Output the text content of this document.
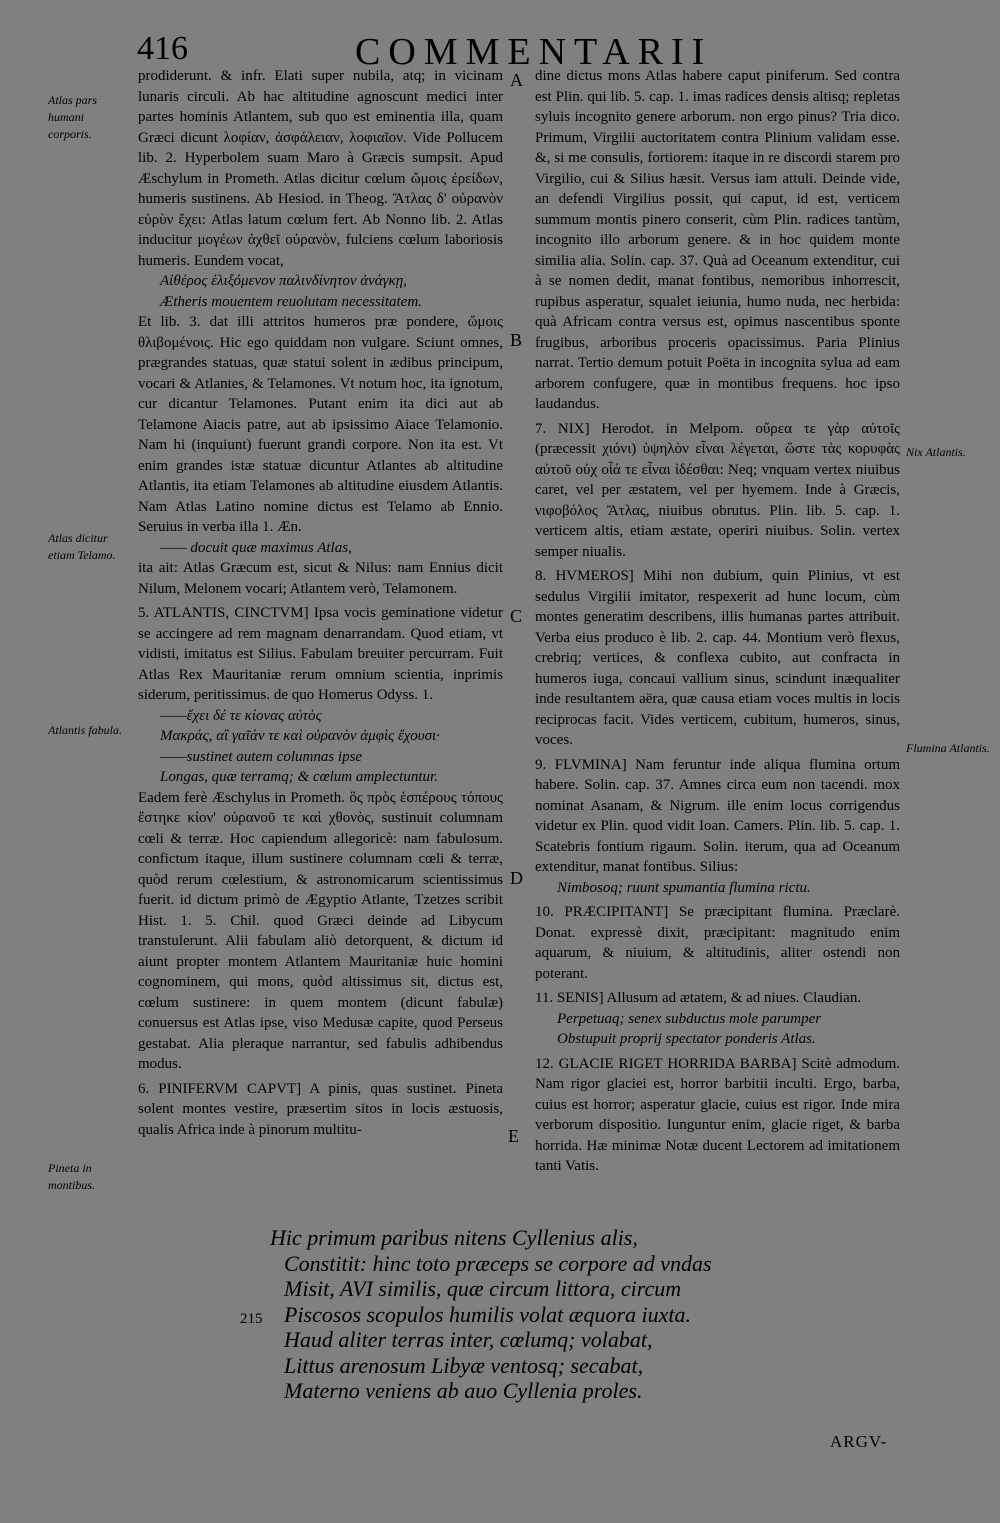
416	COMMENTARII
Atlas pars humani corporis.
Atlas dicitur etiam Telamo.
Atlantis fabula.
Pineta in montibus.
Nix Atlantis.
Flumina Atlantis.
A
B
C
D
E

prodiderunt. & infr. Elati super nubila, atq; in vicinam lunaris circuli. Ab hac altitudine agnoscunt medici inter partes hominis Atlantem, sub quo est eminentia illa, quam Græci dicunt λοφίαν, ἀσφάλειαν, λοφιαῖον. Vide Pollucem lib. 2. Hyperbolem suam Maro à Græcis sumpsit. Apud Æschylum in Prometh. Atlas dicitur cœlum ὤμοις ἐρείδων, humeris sustinens. Ab Hesiod. in Theog. Ἄτλας δ' οὐρανὸν εὐρὺν ἔχει: Atlas latum cœlum fert. Ab Nonno lib. 2. Atlas inducitur μογέων ἀχθεῖ οὐρανὸν, fulciens cœlum laboriosis humeris. Eundem vocat,

Αἰθέρος ἑλιξόμενον παλινδίνητον ἀνάγκῃ,

Ætheris mouentem reuolutam necessitatem.

Et lib. 3. dat illi attritos humeros præ pondere, ὤμοις θλιβομένοις. Hic ego quiddam non vulgare. Sciunt omnes, prægrandes statuas, quæ statui solent in ædibus principum, vocari & Atlantes, & Telamones. Vt notum hoc, ita ignotum, cur dicantur Telamones. Putant enim ita dici aut ab Telamone Aiacis patre, aut ab ipsissimo Aiace Telamonio. Nam hi (inquiunt) fuerunt grandi corpore. Non ita est. Vt enim grandes istæ statuæ dicuntur Atlantes ab altitudine Atlantis, ita etiam Telamones ab altitudine eiusdem Atlantis. Nam Atlas Latino nomine dictus est Telamo ab Ennio. Seruius in verba illa 1. Æn.

—— docuit quæ maximus Atlas,

ita ait: Atlas Græcum est, sicut & Nilus: nam Ennius dicit Nilum, Melonem vocari; Atlantem verò, Telamonem.

5. ATLANTIS, CINCTVM] Ipsa vocis geminatione videtur se accingere ad rem magnam denarrandam. Quod etiam, vt vidisti, imitatus est Silius. Fabulam breuiter percurram. Fuit Atlas Rex Mauritaniæ rerum omnium scientia, inprimis siderum, peritissimus. de quo Homerus Odyss. 1.

——ἔχει δέ τε κίονας αὐτὸς

Μακράς, αἳ γαῖάν τε καὶ οὐρανὸν ἀμφὶς ἔχουσι·

——sustinet autem columnas ipse

Longas, quæ terramq; & cœlum amplectuntur.

Eadem ferè Æschylus in Prometh. ὃς πρὸς ἑσπέρους τόπους ἕστηκε κίον' οὐρανοῦ τε καὶ χθονὸς, sustinuit columnam cœli & terræ. Hoc capiendum allegoricè: nam fabulosum. confictum itaque, illum sustinere columnam cœli & terræ, quòd rerum cœlestium, & astronomicarum scientissimus fuerit. id dictum primò de Ægyptio Atlante, Tzetzes scribit Hist. 1. 5. Chil. quod Græci deinde ad Libycum transtulerunt. Alii fabulam aliò detorquent, & dictum id aiunt propter montem Atlantem Mauritaniæ huic homini cognominem, qui mons, quòd altissimus sit, dictus est, cœlum sustinere: in quem montem (dicunt fabulæ) conuersus est Atlas ipse, viso Medusæ capite, quod Perseus gestabat. Alia pleraque narrantur, sed fabulis adhibendus modus.

6. PINIFERVM CAPVT] A pinis, quas sustinet. Pineta solent montes vestire, præsertim sitos in locis æstuosis, qualis Africa inde à pinorum multitu-

dine dictus mons Atlas habere caput piniferum. Sed contra est Plin. qui lib. 5. cap. 1. imas radices densis altisq; repletas syluis incognito genere arborum. non ergo pinus? Tria dico. Primum, Virgilii auctoritatem contra Plinium validam esse. &, si me consulis, fortiorem: itaque in re discordi starem pro Virgilio, cui & Silius hæsit. Versus iam attuli. Deinde vide, an defendi Virgilius possit, qui caput, id est, verticem summum montis pinero conserit, cùm Plin. radices tantùm, incognito illo arborum genere. & in hoc quidem monte similia alia. Solin. cap. 37. Quà ad Oceanum extenditur, cui à se nomen dedit, manat fontibus, nemoribus inhorrescit, rupibus asperatur, squalet ieiunia, humo nuda, nec herbida: quà Africam contra versus est, opimus nascentibus sponte frugibus, arboribus proceris opacissimus. Paria Plinius narrat. Tertio demum potuit Poëta in incognita sylua ad eam arborem confugere, quæ in montibus frequens. hoc ipso laudandus.

7. NIX] Herodot. in Melpom. οὔρεα τε γὰρ αὐτοῖς (præcessit χιόνι) ὑψηλὸν εἶναι λέγεται, ὥστε τὰς κορυφὰς αὐτοῦ οὐχ οἷά τε εἶναι ἰδέσθαι: Neq; vnquam vertex niuibus caret, vel per æstatem, vel per hyemem. Inde à Græcis, νιφοβόλος Ἄτλας, niuibus obrutus. Plin. lib. 5. cap. 1. verticem altis, etiam æstate, operiri niuibus. Solin. vertex semper niualis.

8. HVMEROS] Mihi non dubium, quin Plinius, vt est sedulus Virgilii imitator, respexerit ad hunc locum, cùm montes generatim describens, illis humanas partes attribuit. Verba eius produco è lib. 2. cap. 44. Montium verò flexus, crebriq; vertices, & conflexa cubito, aut confracta in humeros iuga, concaui vallium sinus, scindunt inæqualiter inde resultantem aëra, quæ causa etiam voces multis in locis reciprocas facit. Vides verticem, cubitum, humeros, sinus, voces.

9. FLVMINA] Nam feruntur inde aliqua flumina ortum habere. Solin. cap. 37. Amnes circa eum non tacendi. mox nominat Asanam, & Nigrum. ille enim locus corrigendus videtur ex Plin. quod vidit Ioan. Camers. Plin. lib. 5. cap. 1. Scatebris fontium rigaum. Solin. iterum, qua ad Oceanum extenditur, manat fontibus. Silius:

Nimbosoq; ruunt spumantia flumina rictu.

10. PRÆCIPITANT] Se præcipitant flumina. Præclarè. Donat. expressè dixit, præcipitant: magnitudo enim aquarum, & niuium, & altitudinis, aliter ostendi non poterant.

11. SENIS] Allusum ad ætatem, & ad niues. Claudian.

Perpetuaq; senex subductus mole parumper

Obstupuit proprij spectator ponderis Atlas.

12. GLACIE RIGET HORRIDA BARBA] Scitè admodum. Nam rigor glaciei est, horror barbitii inculti. Ergo, barba, cuius est horror; asperatur glacie, cuius est rigor. Inde mira verborum dispositio. Iunguntur enim, glacie riget, & barba horrida. Hæ minimæ Notæ ducent Lectorem ad imitationem tanti Vatis.

Hic primum paribus nitens Cyllenius alis,
Constitit: hinc toto præceps se corpore ad vndas
Misit, AVI similis, quæ circum littora, circum
215 Piscosos scopulos humilis volat æquora iuxta.
Haud aliter terras inter, cœlumq; volabat,
Littus arenosum Libyæ ventosq; secabat,
Materno veniens ab auo Cyllenia proles.
ARGV-
